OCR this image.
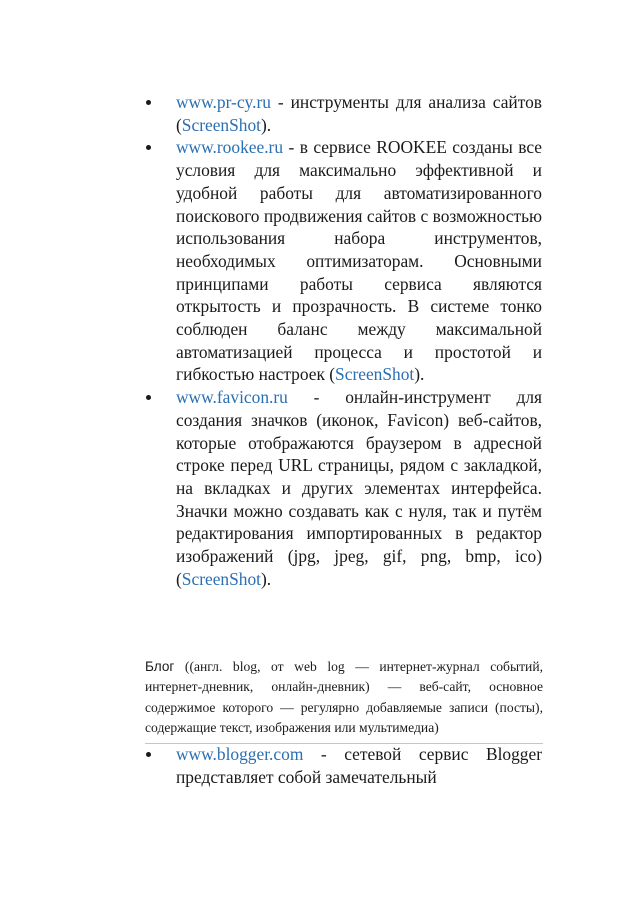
www.pr-cy.ru - инструменты для анализа сайтов (ScreenShot).
www.rookee.ru - в сервисе ROOKEE созданы все условия для максимально эффективной и удобной работы для автоматизированного поискового продвижения сайтов с возможностью использования набора инструментов, необходимых оптимизаторам. Основными принципами работы сервиса являются открытость и прозрачность. В системе тонко соблюден баланс между максимальной автоматизацией процесса и простотой и гибкостью настроек (ScreenShot).
www.favicon.ru - онлайн-инструмент для создания значков (иконок, Favicon) веб-сайтов, которые отображаются браузером в адресной строке перед URL страницы, рядом с закладкой, на вкладках и других элементах интерфейса. Значки можно создавать как с нуля, так и путём редактирования импортированных в редактор изображений (jpg, jpeg, gif, png, bmp, ico) (ScreenShot).
Блог ((англ. blog, от web log — интернет-журнал событий, интернет-дневник, онлайн-дневник) — веб-сайт, основное содержимое которого — регулярно добавляемые записи (посты), содержащие текст, изображения или мультимедиа)
www.blogger.com - сетевой сервис Blogger представляет собой замечательный
